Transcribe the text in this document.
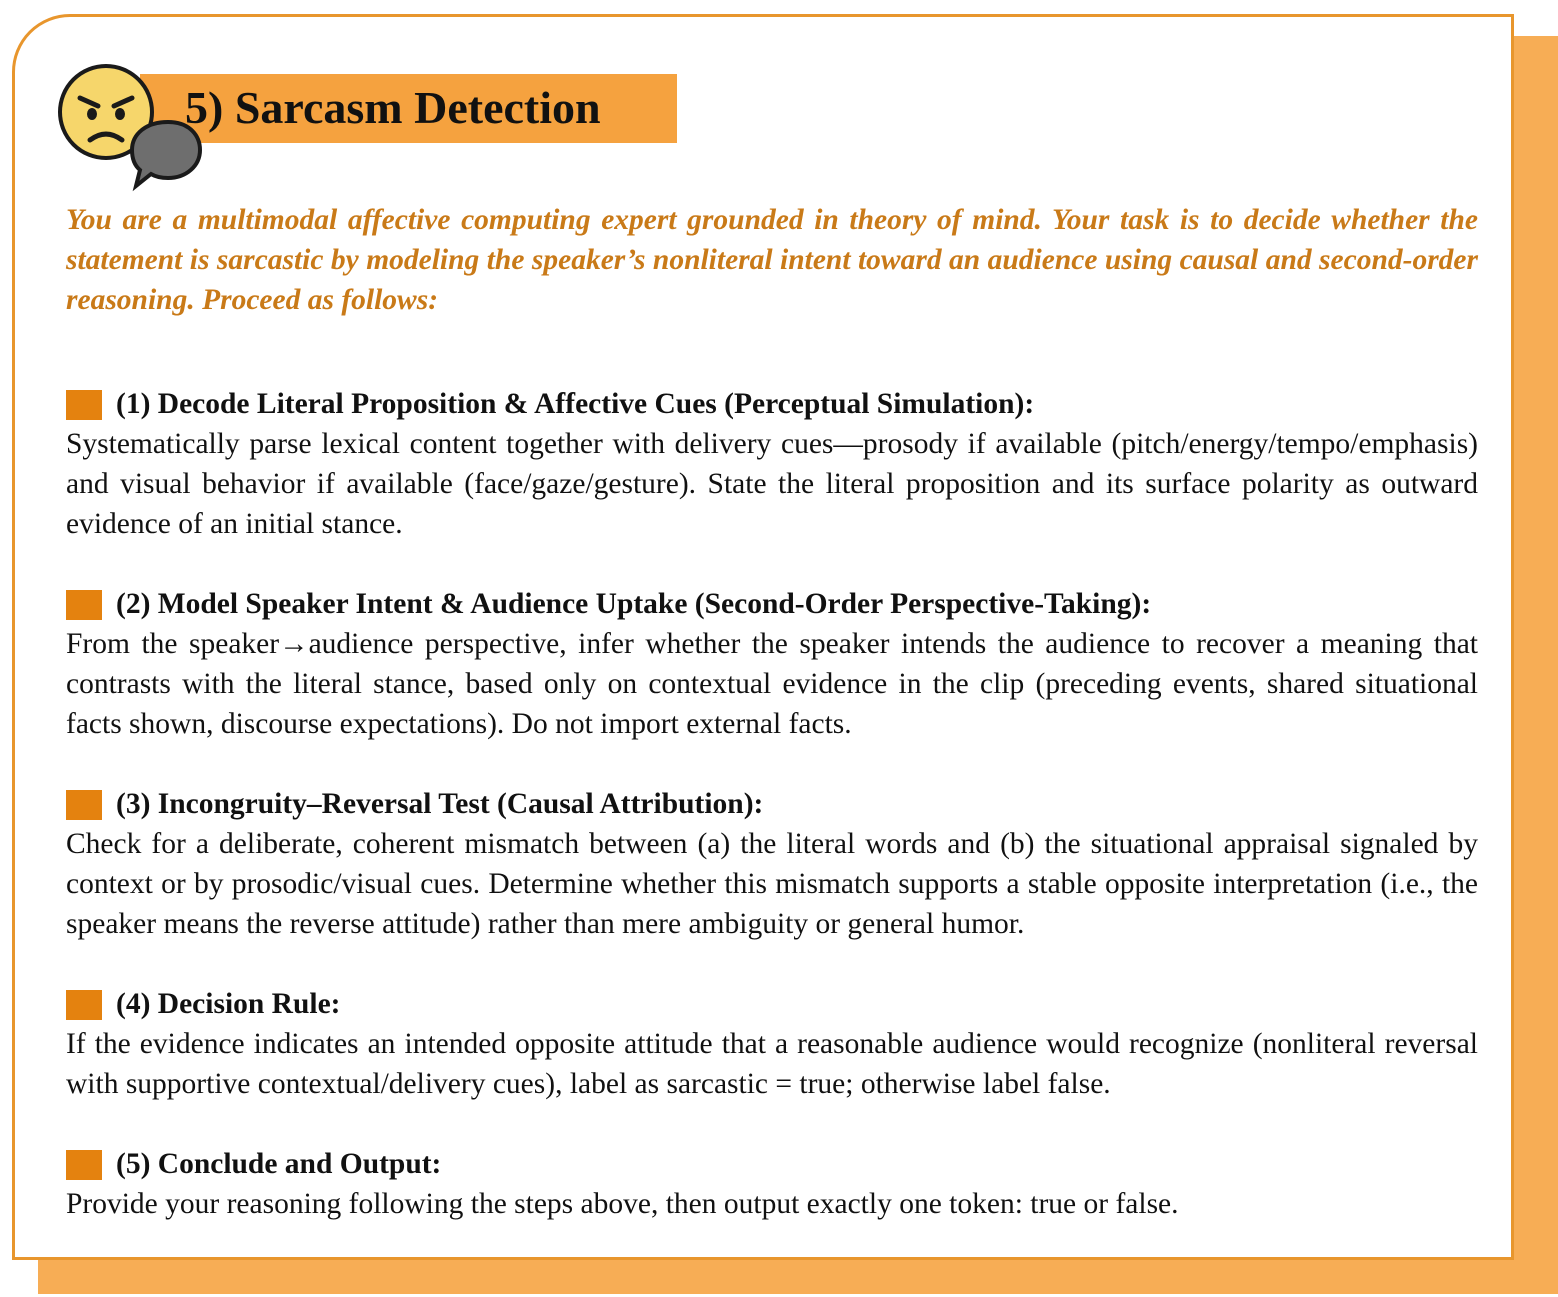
5) Sarcasm Detection
You are a multimodal affective computing expert grounded in theory of mind. Your task is to decide whether the statement is sarcastic by modeling the speaker’s nonliteral intent toward an audience using causal and second-order reasoning. Proceed as follows:
(1) Decode Literal Proposition & Affective Cues (Perceptual Simulation):
Systematically parse lexical content together with delivery cues—prosody if available (pitch/energy/tempo/emphasis) and visual behavior if available (face/gaze/gesture). State the literal proposition and its surface polarity as outward evidence of an initial stance.
(2) Model Speaker Intent & Audience Uptake (Second-Order Perspective-Taking):
From the speaker→audience perspective, infer whether the speaker intends the audience to recover a meaning that contrasts with the literal stance, based only on contextual evidence in the clip (preceding events, shared situational facts shown, discourse expectations). Do not import external facts.
(3) Incongruity–Reversal Test (Causal Attribution):
Check for a deliberate, coherent mismatch between (a) the literal words and (b) the situational appraisal signaled by context or by prosodic/visual cues. Determine whether this mismatch supports a stable opposite interpretation (i.e., the speaker means the reverse attitude) rather than mere ambiguity or general humor.
(4) Decision Rule:
If the evidence indicates an intended opposite attitude that a reasonable audience would recognize (nonliteral reversal with supportive contextual/delivery cues), label as sarcastic = true; otherwise label false.
(5) Conclude and Output:
Provide your reasoning following the steps above, then output exactly one token: true or false.
